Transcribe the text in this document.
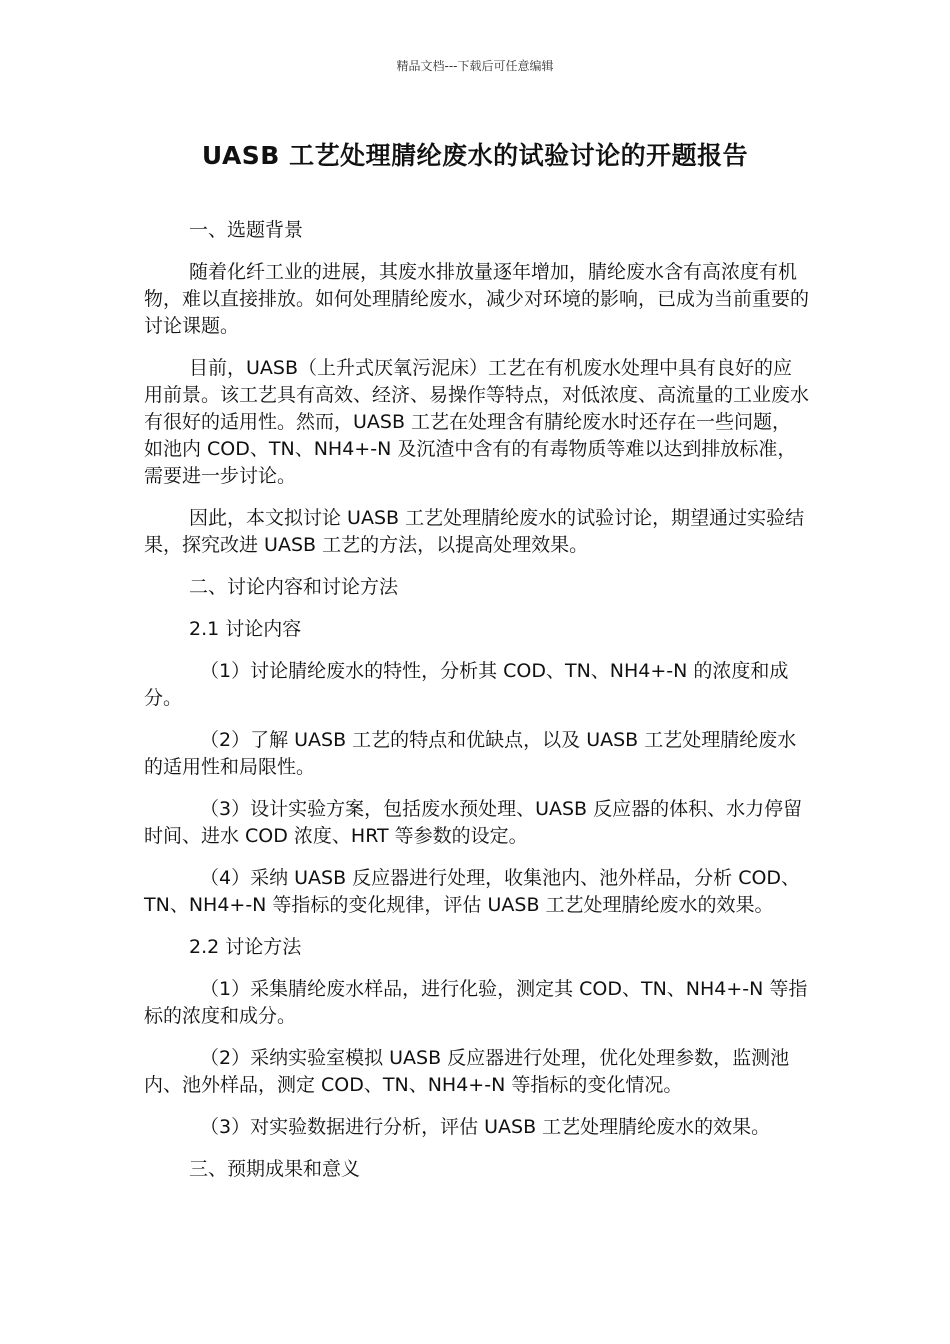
精品文档---下载后可任意编辑
UASB 工艺处理腈纶废水的试验讨论的开题报告

一、选题背景

随着化纤工业的进展，其废水排放量逐年增加，腈纶废水含有高浓度有机物，难以直接排放。如何处理腈纶废水，减少对环境的影响，已成为当前重要的讨论课题。

目前，UASB（上升式厌氧污泥床）工艺在有机废水处理中具有良好的应用前景。该工艺具有高效、经济、易操作等特点，对低浓度、高流量的工业废水有很好的适用性。然而，UASB 工艺在处理含有腈纶废水时还存在一些问题，如池内 COD、TN、NH4+-N 及沉渣中含有的有毒物质等难以达到排放标准，需要进一步讨论。

因此，本文拟讨论 UASB 工艺处理腈纶废水的试验讨论，期望通过实验结果，探究改进 UASB 工艺的方法，以提高处理效果。

二、讨论内容和讨论方法

2.1 讨论内容

（1）讨论腈纶废水的特性，分析其 COD、TN、NH4+-N 的浓度和成分。

（2）了解 UASB 工艺的特点和优缺点，以及 UASB 工艺处理腈纶废水的适用性和局限性。

（3）设计实验方案，包括废水预处理、UASB 反应器的体积、水力停留时间、进水 COD 浓度、HRT 等参数的设定。

（4）采纳 UASB 反应器进行处理，收集池内、池外样品，分析 COD、TN、NH4+-N 等指标的变化规律，评估 UASB 工艺处理腈纶废水的效果。

2.2 讨论方法

（1）采集腈纶废水样品，进行化验，测定其 COD、TN、NH4+-N 等指标的浓度和成分。

（2）采纳实验室模拟 UASB 反应器进行处理，优化处理参数，监测池内、池外样品，测定 COD、TN、NH4+-N 等指标的变化情况。

（3）对实验数据进行分析，评估 UASB 工艺处理腈纶废水的效果。

三、预期成果和意义
